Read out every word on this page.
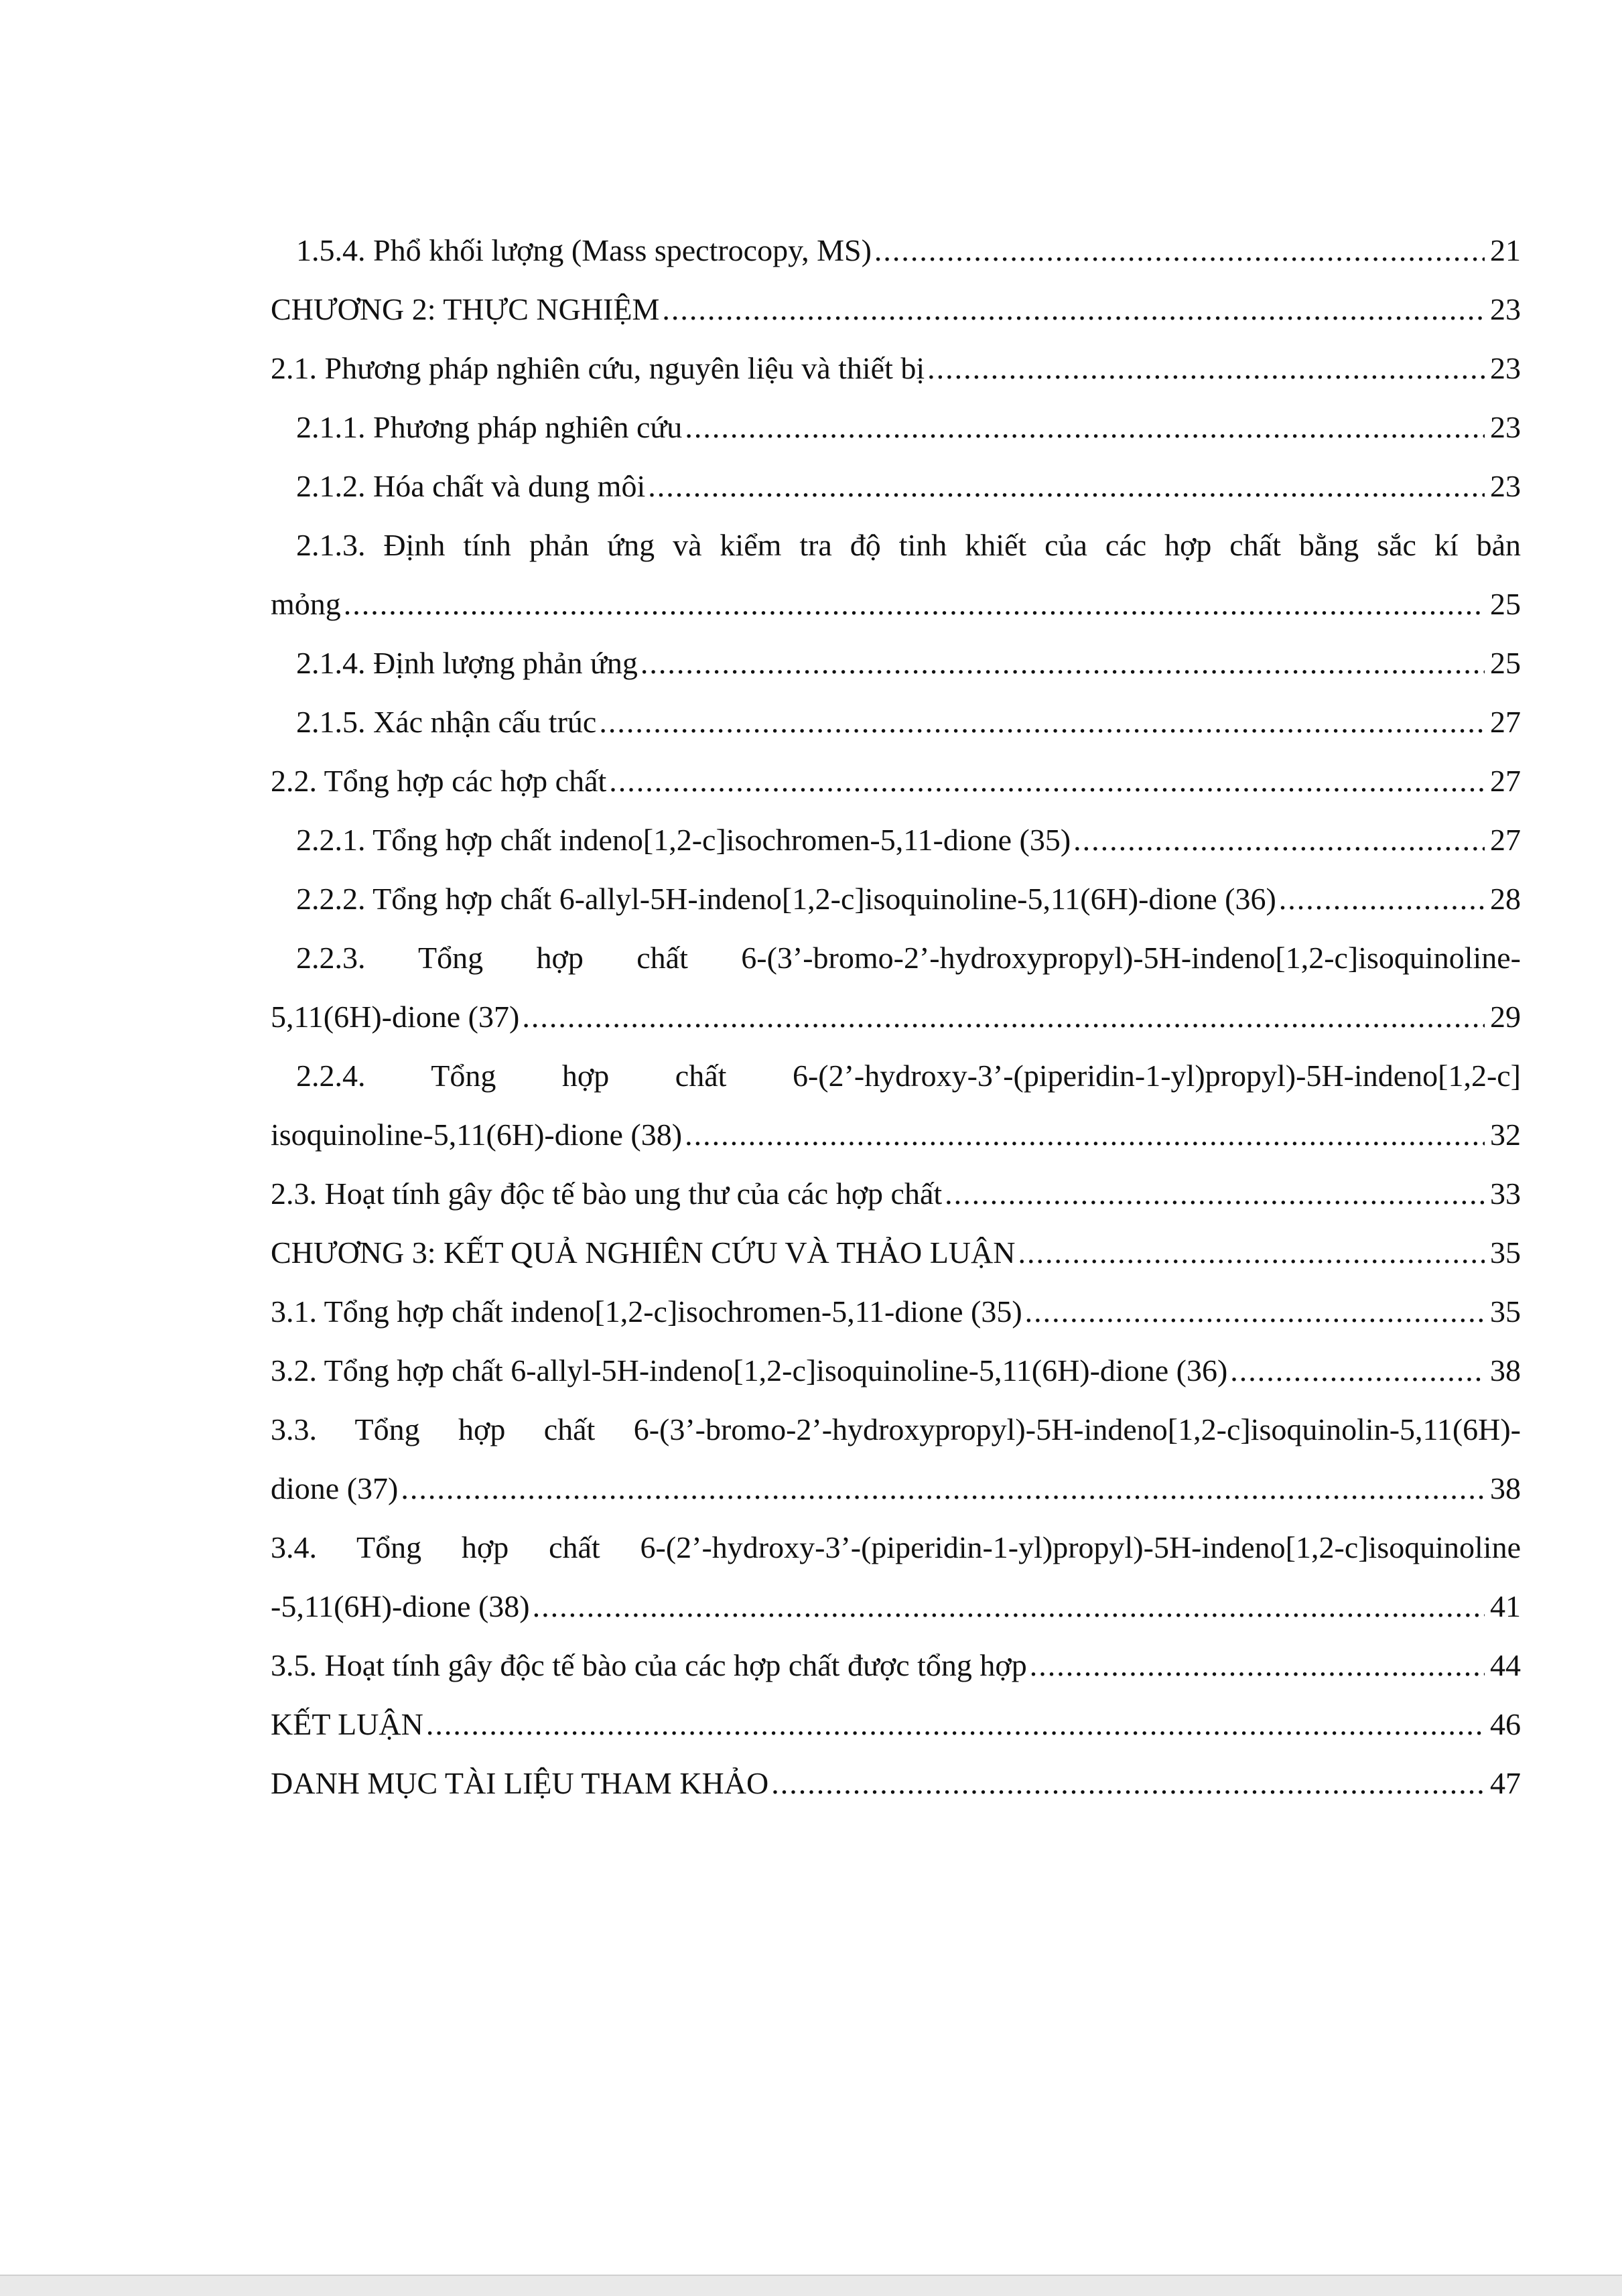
1.5.4. Phổ khối lượng (Mass spectrocopy, MS) .....	21
CHƯƠNG 2: THỰC NGHIỆM .....	23
2.1. Phương pháp nghiên cứu, nguyên liệu và thiết bị .....	23
2.1.1. Phương pháp nghiên cứu .....	23
2.1.2. Hóa chất và dung môi .....	23
2.1.3. Định tính phản ứng và kiểm tra độ tinh khiết của các hợp chất bằng sắc kí bản
mỏng .....	25
2.1.4. Định lượng phản ứng .....	25
2.1.5. Xác nhận cấu trúc .....	27
2.2. Tổng hợp các hợp chất .....	27
2.2.1. Tổng hợp chất indeno[1,2-c]isochromen-5,11-dione (35) .....	27
2.2.2. Tổng hợp chất 6-allyl-5H-indeno[1,2-c]isoquinoline-5,11(6H)-dione (36) .....	28
2.2.3. Tổng hợp chất 6-(3’-bromo-2’-hydroxypropyl)-5H-indeno[1,2-c]isoquinoline-
5,11(6H)-dione (37) .....	29
2.2.4. Tổng hợp chất 6-(2’-hydroxy-3’-(piperidin-1-yl)propyl)-5H-indeno[1,2-c]
isoquinoline-5,11(6H)-dione (38) .....	32
2.3. Hoạt tính gây độc tế bào ung thư của các hợp chất .....	33
CHƯƠNG 3: KẾT QUẢ NGHIÊN CỨU VÀ THẢO LUẬN .....	35
3.1. Tổng hợp chất indeno[1,2-c]isochromen-5,11-dione (35) .....	35
3.2. Tổng hợp chất 6-allyl-5H-indeno[1,2-c]isoquinoline-5,11(6H)-dione (36) .....	38
3.3. Tổng hợp chất 6-(3’-bromo-2’-hydroxypropyl)-5H-indeno[1,2-c]isoquinolin-5,11(6H)-
dione (37) .....	38
3.4. Tổng hợp chất 6-(2’-hydroxy-3’-(piperidin-1-yl)propyl)-5H-indeno[1,2-c]isoquinoline
-5,11(6H)-dione (38) .....	41
3.5. Hoạt tính gây độc tế bào của các hợp chất được tổng hợp .....	44
KẾT LUẬN .....	46
DANH MỤC TÀI LIỆU THAM KHẢO .....	47
